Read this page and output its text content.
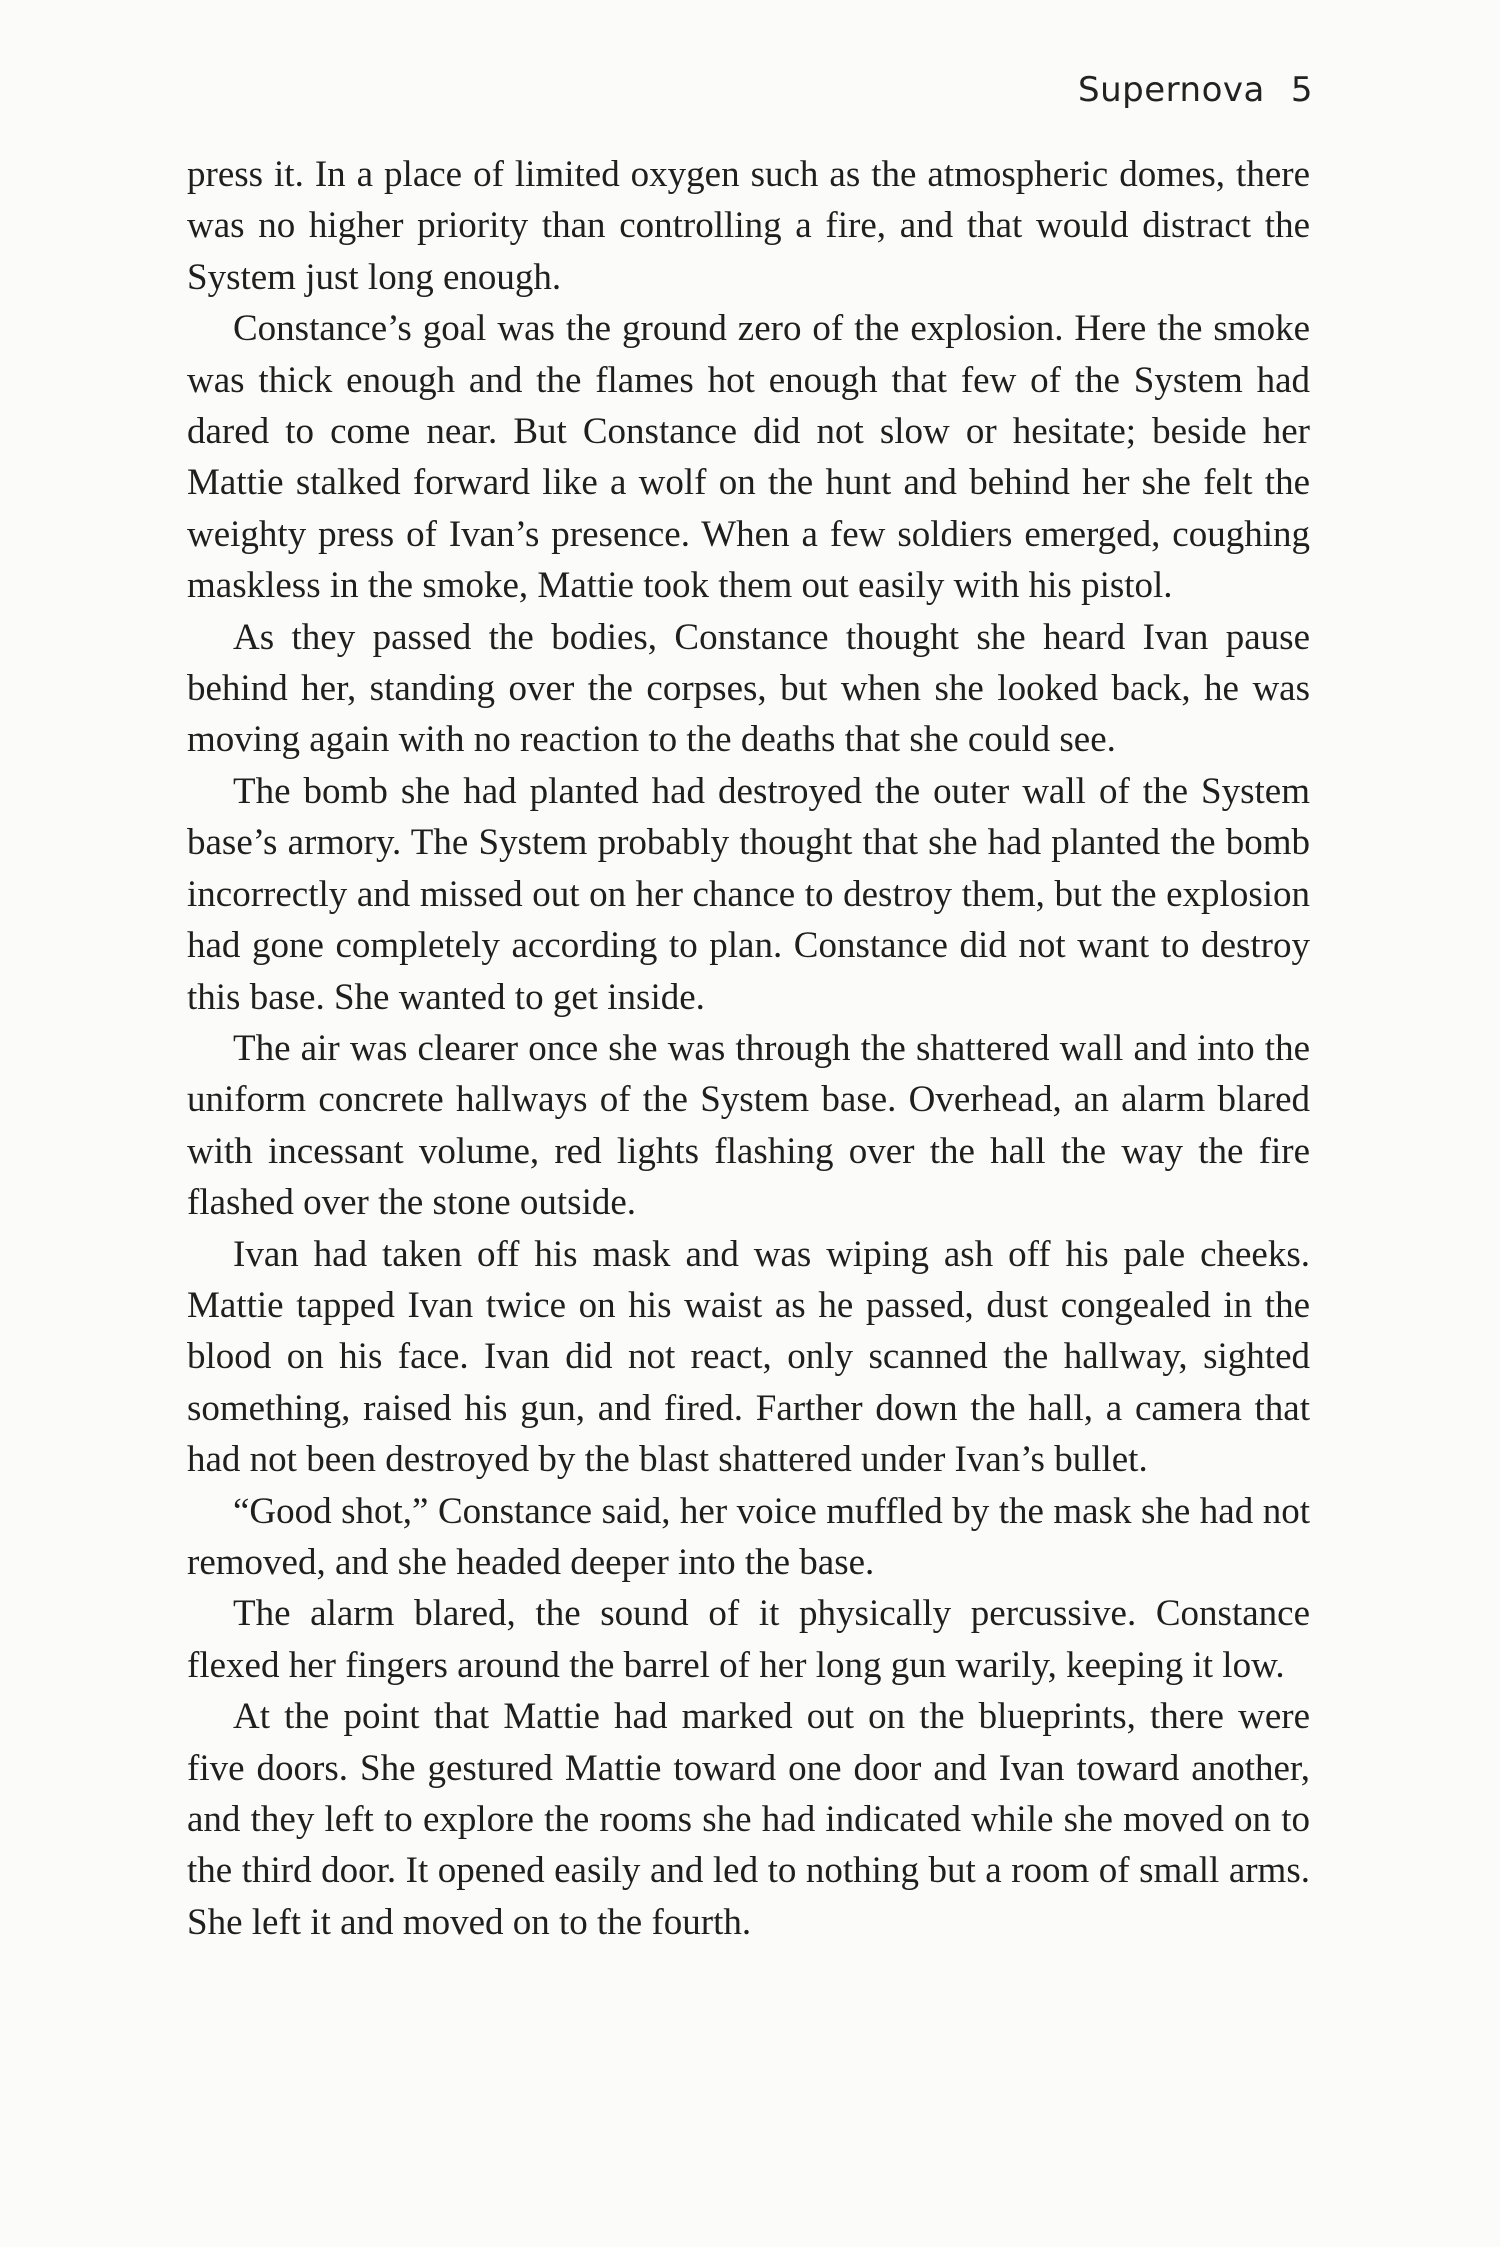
Supernova 5

press it. In a place of limited oxygen such as the atmospheric domes, there was no higher priority than controlling a fire, and that would distract the System just long enough.

Constance’s goal was the ground zero of the explosion. Here the smoke was thick enough and the flames hot enough that few of the System had dared to come near. But Constance did not slow or hesitate; beside her Mattie stalked forward like a wolf on the hunt and behind her she felt the weighty press of Ivan’s presence. When a few soldiers emerged, coughing maskless in the smoke, Mattie took them out easily with his pistol.

As they passed the bodies, Constance thought she heard Ivan pause behind her, standing over the corpses, but when she looked back, he was moving again with no reaction to the deaths that she could see.

The bomb she had planted had destroyed the outer wall of the System base’s armory. The System probably thought that she had planted the bomb incorrectly and missed out on her chance to destroy them, but the explosion had gone completely according to plan. Constance did not want to destroy this base. She wanted to get inside.

The air was clearer once she was through the shattered wall and into the uniform concrete hallways of the System base. Overhead, an alarm blared with incessant volume, red lights flashing over the hall the way the fire flashed over the stone outside.

Ivan had taken off his mask and was wiping ash off his pale cheeks. Mattie tapped Ivan twice on his waist as he passed, dust congealed in the blood on his face. Ivan did not react, only scanned the hallway, sighted something, raised his gun, and fired. Farther down the hall, a camera that had not been destroyed by the blast shattered under Ivan’s bullet.

“Good shot,” Constance said, her voice muffled by the mask she had not removed, and she headed deeper into the base.

The alarm blared, the sound of it physically percussive. Constance flexed her fingers around the barrel of her long gun warily, keeping it low.

At the point that Mattie had marked out on the blueprints, there were five doors. She gestured Mattie toward one door and Ivan toward another, and they left to explore the rooms she had indicated while she moved on to the third door. It opened easily and led to nothing but a room of small arms. She left it and moved on to the fourth.
